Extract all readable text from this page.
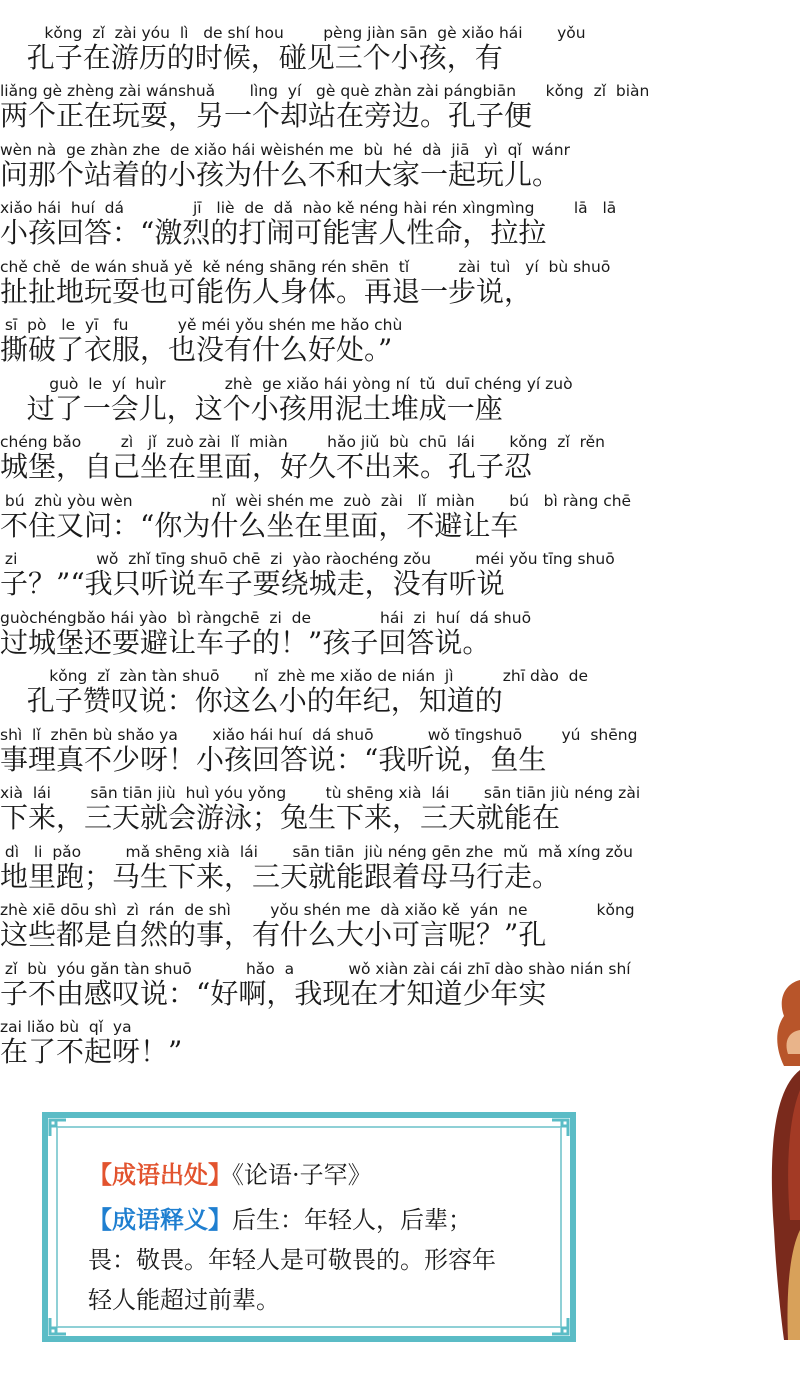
kǒng  zǐ  zài yóu  lì   de shí hou        pèng jiàn sān  gè xiǎo hái       yǒu
孔子在游历的时候，碰见三个小孩，有
liǎng gè zhèng zài wánshuǎ       lìng  yí   gè què zhàn zài pángbiān      kǒng  zǐ  biàn
两个正在玩耍，另一个却站在旁边。孔子便
wèn nà  ge zhàn zhe  de xiǎo hái wèishén me  bù  hé  dà  jiā   yì  qǐ  wánr
问那个站着的小孩为什么不和大家一起玩儿。
xiǎo hái  huí  dá              jī   liè  de  dǎ  nào kě néng hài rén xìngmìng        lā   lā
小孩回答：“激烈的打闹可能害人性命，拉拉
chě chě  de wán shuǎ yě  kě néng shāng rén shēn  tǐ          zài  tuì   yí  bù shuō
扯扯地玩耍也可能伤人身体。再退一步说，
sī  pò   le  yī   fu          yě méi yǒu shén me hǎo chù
撕破了衣服，也没有什么好处。”
guò  le  yí  huìr            zhè  ge xiǎo hái yòng ní  tǔ  duī chéng yí zuò
过了一会儿，这个小孩用泥土堆成一座
chéng bǎo        zì   jǐ  zuò zài  lǐ  miàn        hǎo jiǔ  bù  chū  lái       kǒng  zǐ  rěn
城堡，自己坐在里面，好久不出来。孔子忍
bú  zhù yòu wèn                nǐ  wèi shén me  zuò  zài   lǐ  miàn       bú   bì ràng chē
不住又问：“你为什么坐在里面，不避让车
zi                wǒ  zhǐ tīng shuō chē  zi  yào ràochéng zǒu         méi yǒu tīng shuō
子？”“我只听说车子要绕城走，没有听说
guòchéngbǎo hái yào  bì ràngchē  zi  de              hái  zi  huí  dá shuō
过城堡还要避让车子的！”孩子回答说。
kǒng  zǐ  zàn tàn shuō       nǐ  zhè me xiǎo de nián  jì          zhī dào  de
孔子赞叹说：你这么小的年纪，知道的
shì  lǐ  zhēn bù shǎo ya       xiǎo hái huí  dá shuō           wǒ tīngshuō        yú  shēng
事理真不少呀！小孩回答说：“我听说，鱼生
xià  lái        sān tiān jiù  huì yóu yǒng        tù shēng xià  lái       sān tiān jiù néng zài
下来，三天就会游泳；兔生下来，三天就能在
dì   li  pǎo         mǎ shēng xià  lái       sān tiān  jiù néng gēn zhe  mǔ  mǎ xíng zǒu
地里跑；马生下来，三天就能跟着母马行走。
zhè xiē dōu shì  zì  rán  de shì        yǒu shén me  dà xiǎo kě  yán  ne              kǒng
这些都是自然的事，有什么大小可言呢？”孔
zǐ  bù  yóu gǎn tàn shuō           hǎo  a           wǒ xiàn zài cái zhī dào shào nián shí
子不由感叹说：“好啊，我现在才知道少年实
zai liǎo bù  qǐ  ya
在了不起呀！”
【成语出处】《论语·子罕》
【成语释义】后生：年轻人，后辈；
畏：敬畏。年轻人是可敬畏的。形容年
轻人能超过前辈。
